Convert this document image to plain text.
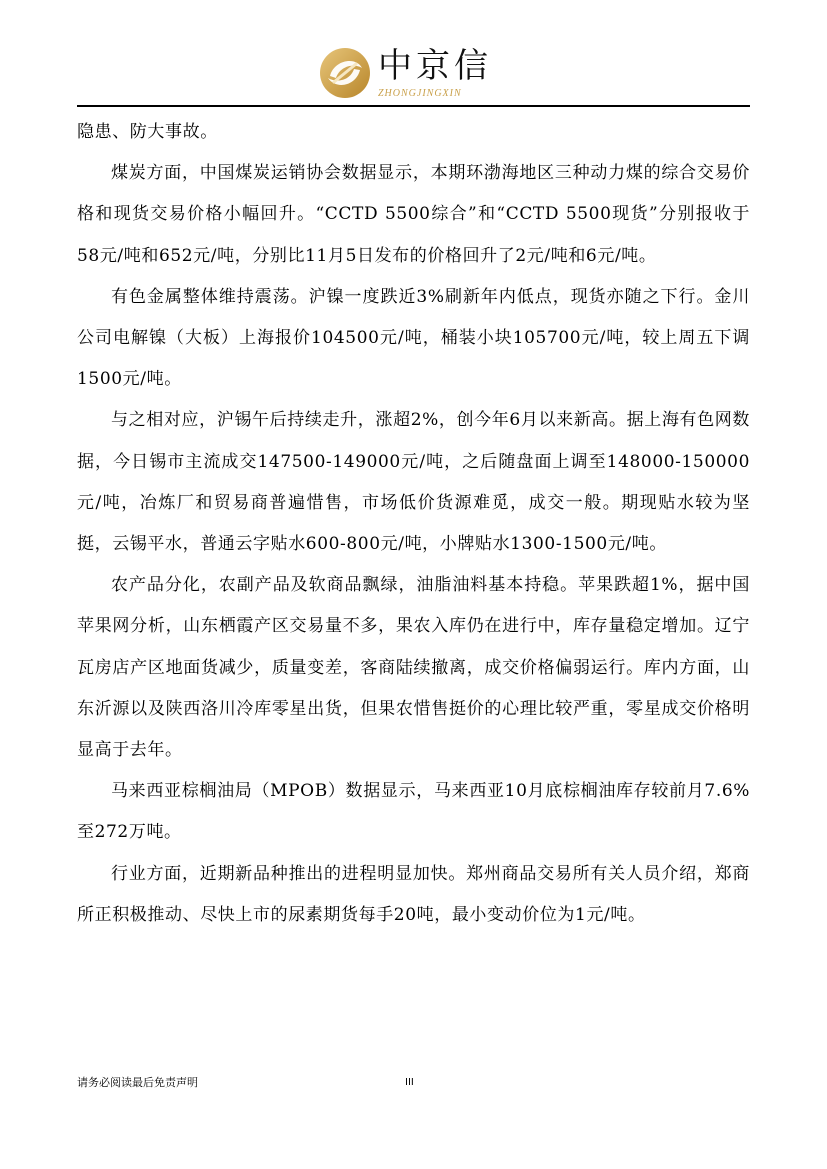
中京信
ZHONGJINGXIN

隐患、防大事故。

煤炭方面，中国煤炭运销协会数据显示，本期环渤海地区三种动力煤的综合交易价格和现货交易价格小幅回升。“CCTD 5500综合”和“CCTD 5500现货”分别报收于58元/吨和652元/吨，分别比11月5日发布的价格回升了2元/吨和6元/吨。

有色金属整体维持震荡。沪镍一度跌近3%刷新年内低点，现货亦随之下行。金川公司电解镍（大板）上海报价104500元/吨，桶装小块105700元/吨，较上周五下调1500元/吨。

与之相对应，沪锡午后持续走升，涨超2%，创今年6月以来新高。据上海有色网数据，今日锡市主流成交147500-149000元/吨，之后随盘面上调至148000-150000元/吨，冶炼厂和贸易商普遍惜售，市场低价货源难觅，成交一般。期现贴水较为坚挺，云锡平水，普通云字贴水600-800元/吨，小牌贴水1300-1500元/吨。

农产品分化，农副产品及软商品飘绿，油脂油料基本持稳。苹果跌超1%，据中国苹果网分析，山东栖霞产区交易量不多，果农入库仍在进行中，库存量稳定增加。辽宁瓦房店产区地面货减少，质量变差，客商陆续撤离，成交价格偏弱运行。库内方面，山东沂源以及陕西洛川冷库零星出货，但果农惜售挺价的心理比较严重，零星成交价格明显高于去年。

马来西亚棕榈油局（MPOB）数据显示，马来西亚10月底棕榈油库存较前月7.6%至272万吨。

行业方面，近期新品种推出的进程明显加快。郑州商品交易所有关人员介绍，郑商所正积极推动、尽快上市的尿素期货每手20吨，最小变动价位为1元/吨。

请务必阅读最后免责声明	III
